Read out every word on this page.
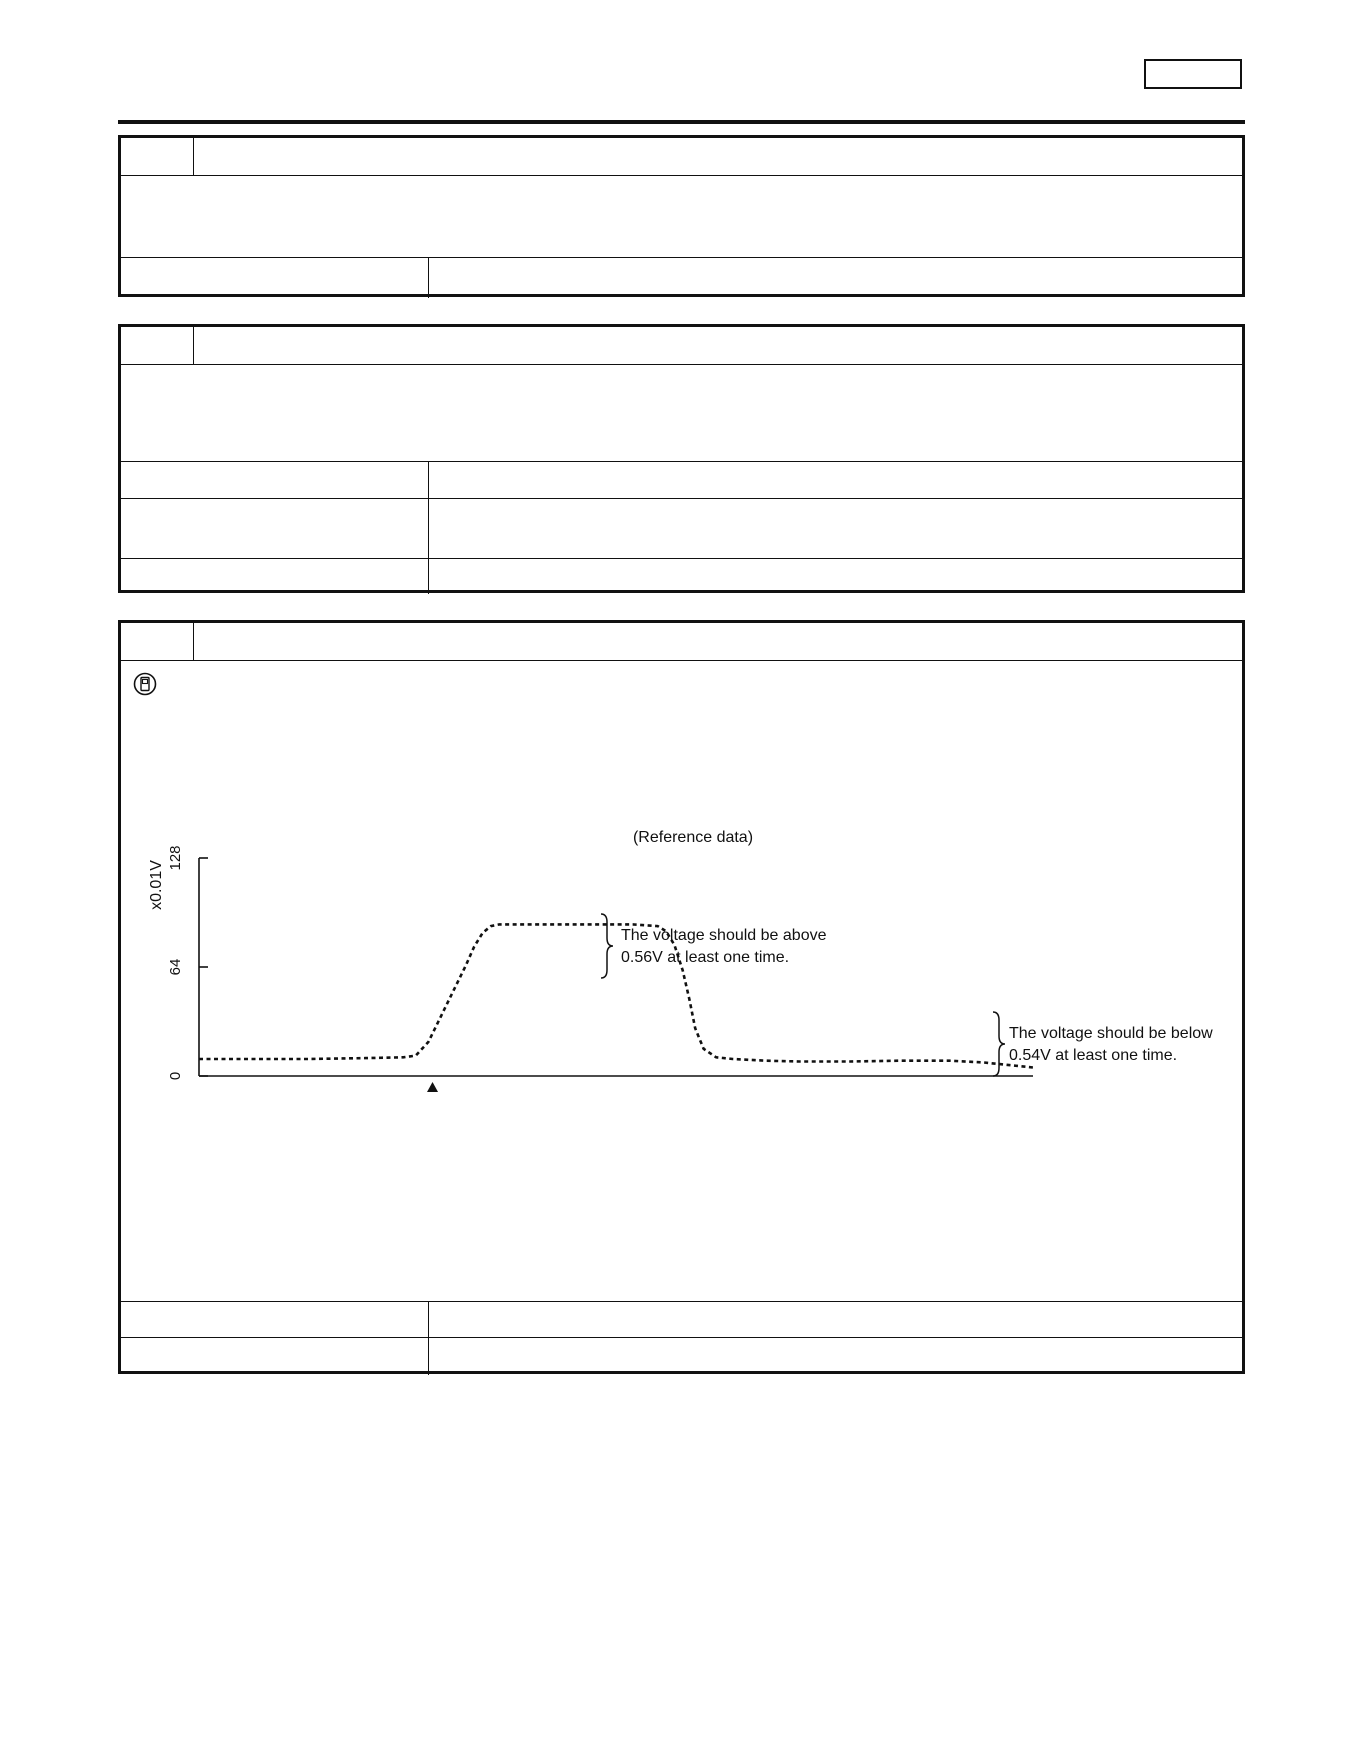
(Reference data)
x0.01V
0
64
128
The voltage should be above
0.56V at least one time.
The voltage should be below
0.54V at least one time.
